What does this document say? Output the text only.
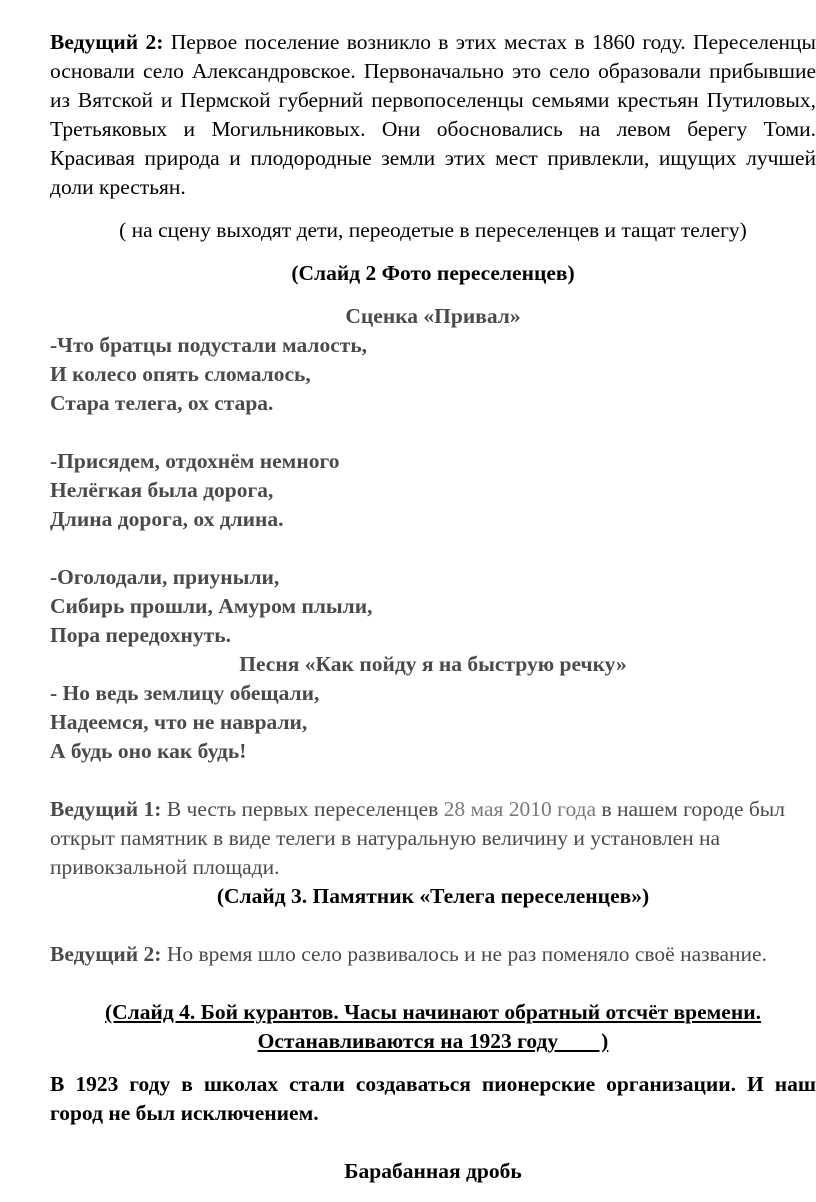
Ведущий 2: Первое поселение возникло в этих местах в 1860 году. Переселенцы основали село Александровское. Первоначально это село образовали прибывшие из Вятской и Пермской губерний первопоселенцы семьями крестьян Путиловых, Третьяковых и Могильниковых. Они обосновались на левом берегу Томи. Красивая природа и плодородные земли этих мест привлекли, ищущих лучшей доли крестьян.

( на сцену выходят дети, переодетые в переселенцев и тащат телегу)

(Слайд 2 Фото переселенцев)

Сценка «Привал»

-Что братцы подустали малость,

И колесо опять сломалось,

Стара телега, ох стара.

-Присядем, отдохнём немного

Нелёгкая была дорога,

Длина дорога, ох длина.

-Оголодали, приуныли,

Сибирь прошли, Амуром плыли,

Пора передохнуть.

Песня «Как пойду я на быструю речку»

- Но ведь землицу обещали,

Надеемся, что не наврали,

А будь оно как будь!

Ведущий 1: В честь первых переселенцев 28 мая 2010 года в нашем городе был открыт памятник в виде телеги в натуральную величину и установлен на привокзальной площади.

(Слайд 3. Памятник «Телега переселенцев»)

Ведущий 2: Но время шло село развивалось и не раз поменяло своё название.

(Слайд 4. Бой курантов. Часы начинают обратный отсчёт времени.

Останавливаются на 1923 году        )

В 1923 году в школах стали создаваться пионерские организации. И наш город не был исключением.

Барабанная дробь
